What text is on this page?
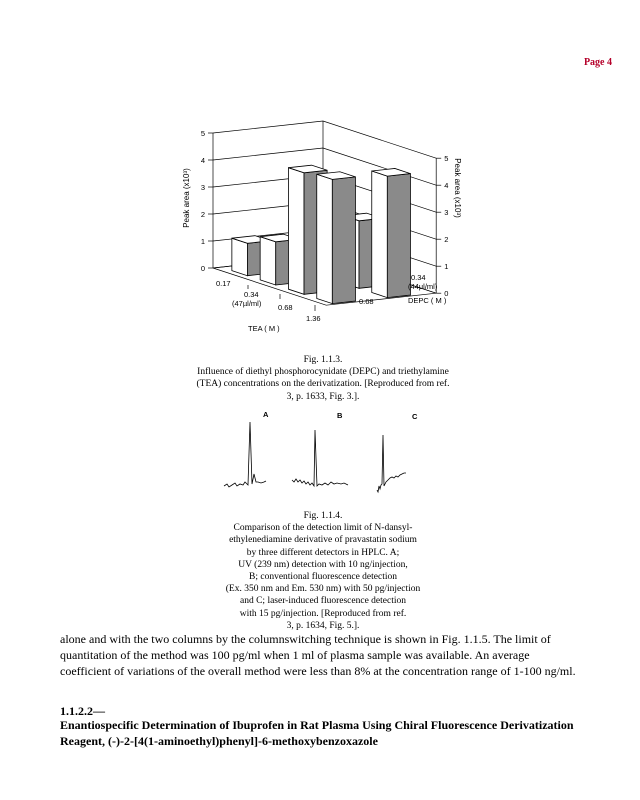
Page 4
0
0
1
1
2
2
3
3
4
4
5
5
Peak area (x10³)	Peak area (x10³)
0.17
0.34
(47µl/ml) 0.68
1.36
TEA ( M )
0.34
(44µl/ml)
0.68	DEPC ( M )
Fig. 1.1.3.
Influence of diethyl phosphorocynidate (DEPC) and triethylamine
(TEA) concentrations on the derivatization. [Reproduced from ref.
3, p. 1633, Fig. 3.].
A	B	C
Fig. 1.1.4.
Comparison of the detection limit of N-dansyl-
ethylenediamine derivative of pravastatin sodium
by three different detectors in HPLC. A;
UV (239 nm) detection with 10 ng/injection,
B; conventional fluorescence detection
(Ex. 350 nm and Em. 530 nm) with 50 pg/injection
and C; laser-induced fluorescence detection
with 15 pg/injection. [Reproduced from ref.
3, p. 1634, Fig. 5.].

alone and with the two columns by the columnswitching technique is shown in Fig. 1.1.5. The limit of quantitation of the method was 100 pg/ml when 1 ml of plasma sample was available. An average coefficient of variations of the overall method were less than 8% at the concentration range of 1-100 ng/ml.

1.1.2.2—
Enantiospecific Determination of Ibuprofen in Rat Plasma Using Chiral Fluorescence Derivatization Reagent, (-)-2-[4(1-aminoethyl)phenyl]-6-methoxybenzoxazole
